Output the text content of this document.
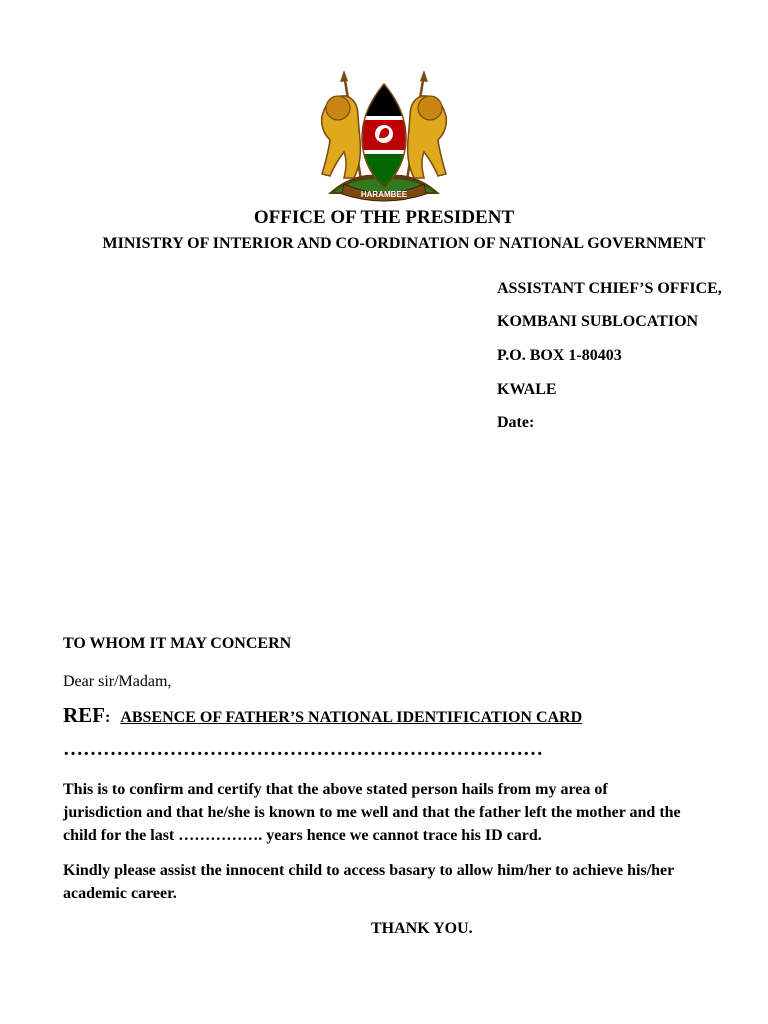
HARAMBEE
OFFICE OF THE PRESIDENT
MINISTRY OF INTERIOR AND CO-ORDINATION OF NATIONAL GOVERNMENT
ASSISTANT CHIEF’S OFFICE,
KOMBANI SUBLOCATION
P.O. BOX 1-80403
KWALE
Date:
TO WHOM IT MAY CONCERN
Dear sir/Madam,
REF: ABSENCE OF FATHER’S NATIONAL IDENTIFICATION CARD
………………………………………………………………
This is to confirm and certify that the above stated person hails from my area of jurisdiction and that he/she is known to me well and that the father left the mother and the child for the last ……………. years hence we cannot trace his ID card.
Kindly please assist the innocent child to access basary to allow him/her to achieve his/her academic career.
THANK YOU.
